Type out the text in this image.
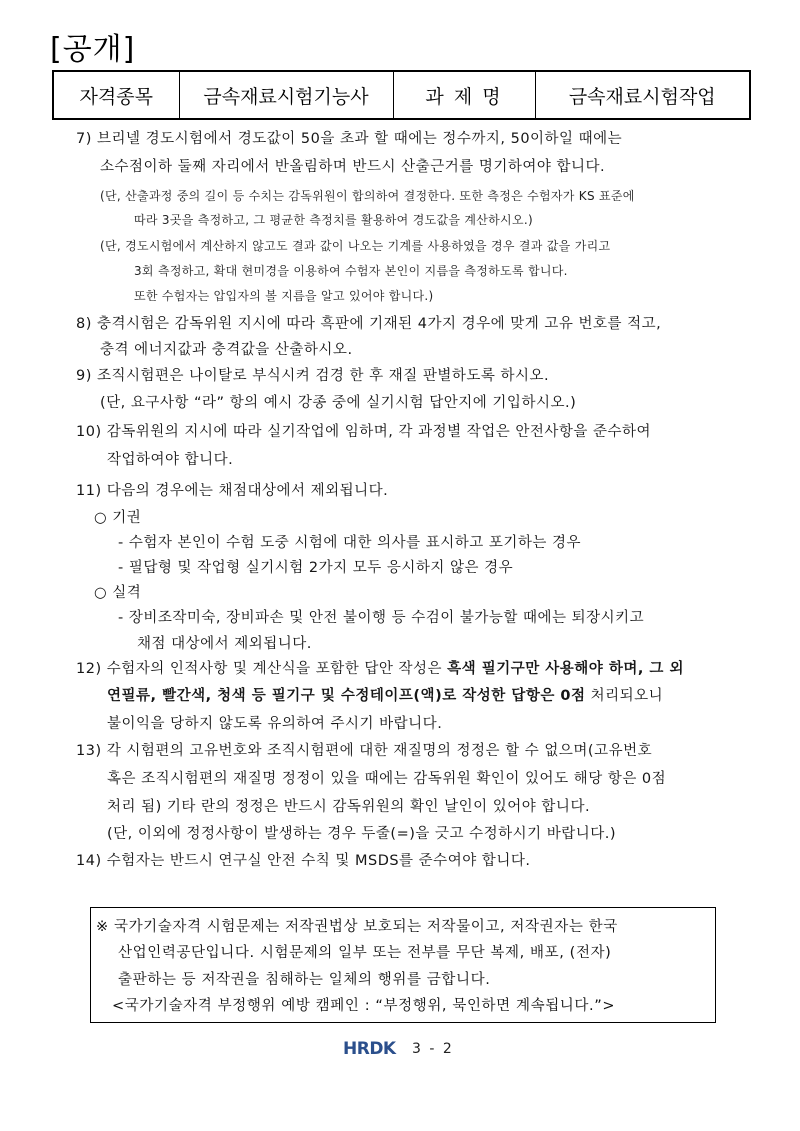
[공개]
자격종목	금속재료시험기능사	과 제 명	금속재료시험작업
7) 브리넬 경도시험에서 경도값이 50을 초과 할 때에는 정수까지, 50이하일 때에는
소수점이하 둘째 자리에서 반올림하며 반드시 산출근거를 명기하여야 합니다.
(단, 산출과정 중의 길이 등 수치는 감독위원이 합의하여 결정한다. 또한 측정은 수험자가 KS 표준에
따라 3곳을 측정하고, 그 평균한 측정치를 활용하여 경도값을 계산하시오.)
(단, 경도시험에서 계산하지 않고도 결과 값이 나오는 기계를 사용하였을 경우 결과 값을 가리고
3회 측정하고, 확대 현미경을 이용하여 수험자 본인이 지름을 측정하도록 합니다.
또한 수험자는 압입자의 볼 지름을 알고 있어야 합니다.)
8) 충격시험은 감독위원 지시에 따라 흑판에 기재된 4가지 경우에 맞게 고유 번호를 적고,
충격 에너지값과 충격값을 산출하시오.
9) 조직시험편은 나이탈로 부식시켜 검경 한 후 재질 판별하도록 하시오.
(단, 요구사항 “라” 항의 예시 강종 중에 실기시험 답안지에 기입하시오.)
10) 감독위원의 지시에 따라 실기작업에 임하며, 각 과정별 작업은 안전사항을 준수하여
작업하여야 합니다.
11) 다음의 경우에는 채점대상에서 제외됩니다.
○ 기권
- 수험자 본인이 수험 도중 시험에 대한 의사를 표시하고 포기하는 경우
- 필답형 및 작업형 실기시험 2가지 모두 응시하지 않은 경우
○ 실격
- 장비조작미숙, 장비파손 및 안전 불이행 등 수검이 불가능할 때에는 퇴장시키고
채점 대상에서 제외됩니다.
12) 수험자의 인적사항 및 계산식을 포함한 답안 작성은 흑색 필기구만 사용해야 하며, 그 외
연필류, 빨간색, 청색 등 필기구 및 수정테이프(액)로 작성한 답항은 0점 처리되오니
불이익을 당하지 않도록 유의하여 주시기 바랍니다.
13) 각 시험편의 고유번호와 조직시험편에 대한 재질명의 정정은 할 수 없으며(고유번호
혹은 조직시험편의 재질명 정정이 있을 때에는 감독위원 확인이 있어도 해당 항은 0점
처리 됨) 기타 란의 정정은 반드시 감독위원의 확인 날인이 있어야 합니다.
(단, 이외에 정정사항이 발생하는 경우 두줄(=)을 긋고 수정하시기 바랍니다.)
14) 수험자는 반드시 연구실 안전 수칙 및 MSDS를 준수여야 합니다.
※ 국가기술자격 시험문제는 저작권법상 보호되는 저작물이고, 저작권자는 한국
산업인력공단입니다. 시험문제의 일부 또는 전부를 무단 복제, 배포, (전자)
출판하는 등 저작권을 침해하는 일체의 행위를 금합니다.
<국가기술자격 부정행위 예방 캠페인 : “부정행위, 묵인하면 계속됩니다.”>
HRDK 3 - 2
